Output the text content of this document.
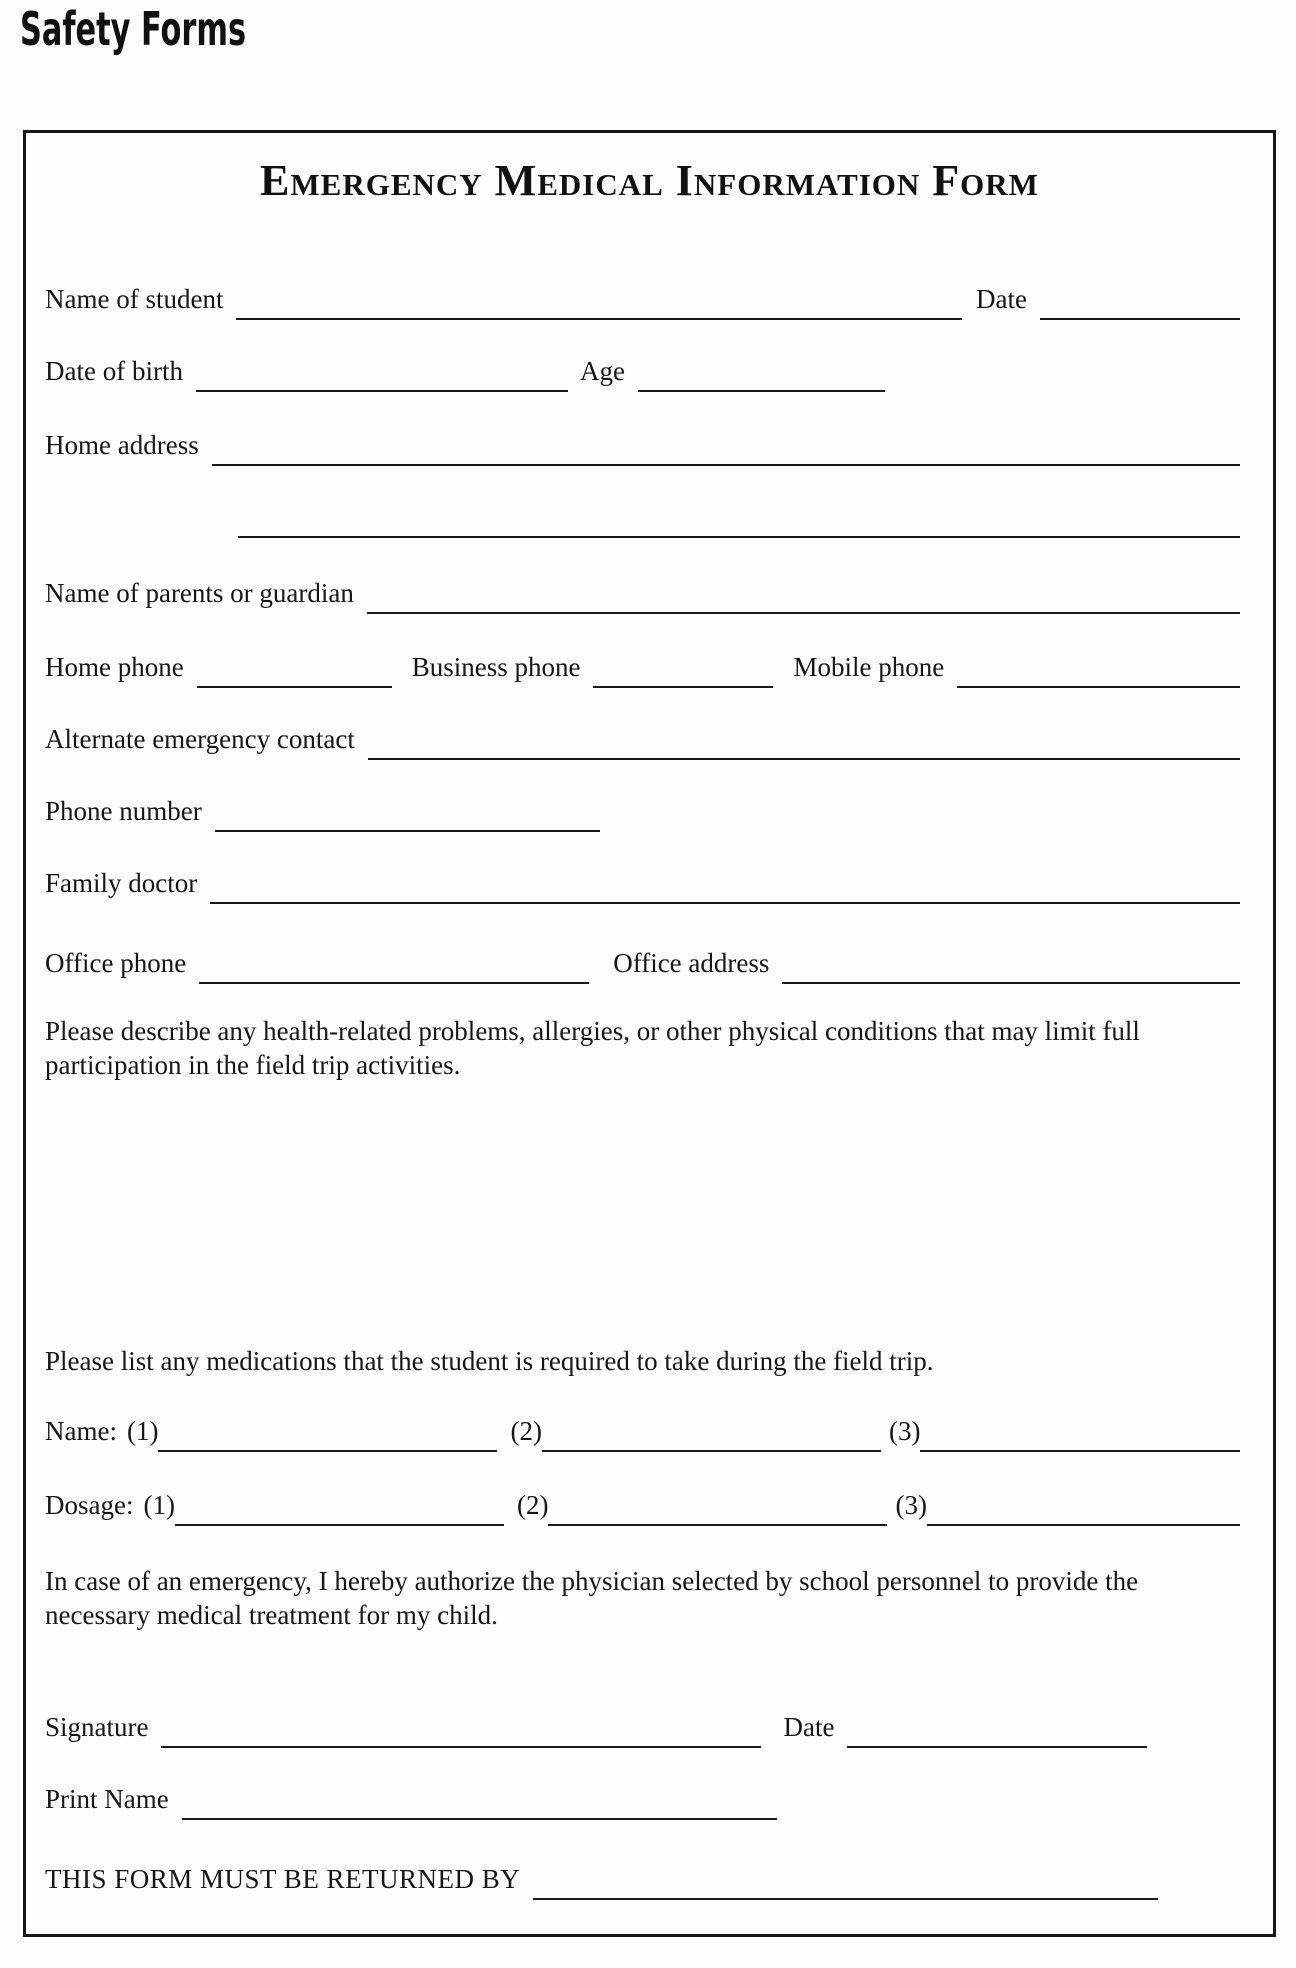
Safety Forms
Emergency Medical Information Form
Name of student	Date
Date of birth	Age
Home address
Name of parents or guardian
Home phone	Business phone	Mobile phone
Alternate emergency contact
Phone number
Family doctor
Office phone	Office address
Please describe any health-related problems, allergies, or other physical conditions that may limit full participation in the field trip activities.
Please list any medications that the student is required to take during the field trip.
Name: (1)	(2)	(3)
Dosage: (1)	(2)	(3)
In case of an emergency, I hereby authorize the physician selected by school personnel to provide the necessary medical treatment for my child.
Signature	Date
Print Name
THIS FORM MUST BE RETURNED BY
